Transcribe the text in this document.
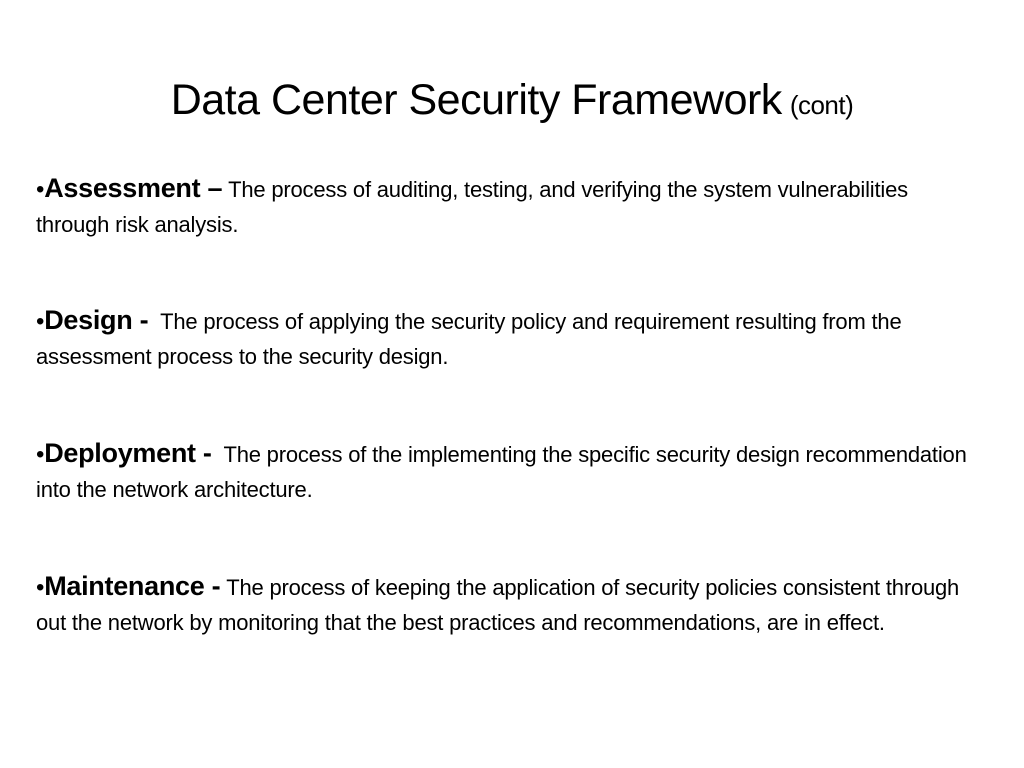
Data Center Security Framework (cont)
•Assessment – The process of auditing, testing, and verifying the system vulnerabilities through risk analysis.
•Design - The process of applying the security policy and requirement resulting from the assessment process to the security design.
•Deployment - The process of the implementing the specific security design recommendation into the network architecture.
•Maintenance - The process of keeping the application of security policies consistent through out the network by monitoring that the best practices and recommendations, are in effect.
